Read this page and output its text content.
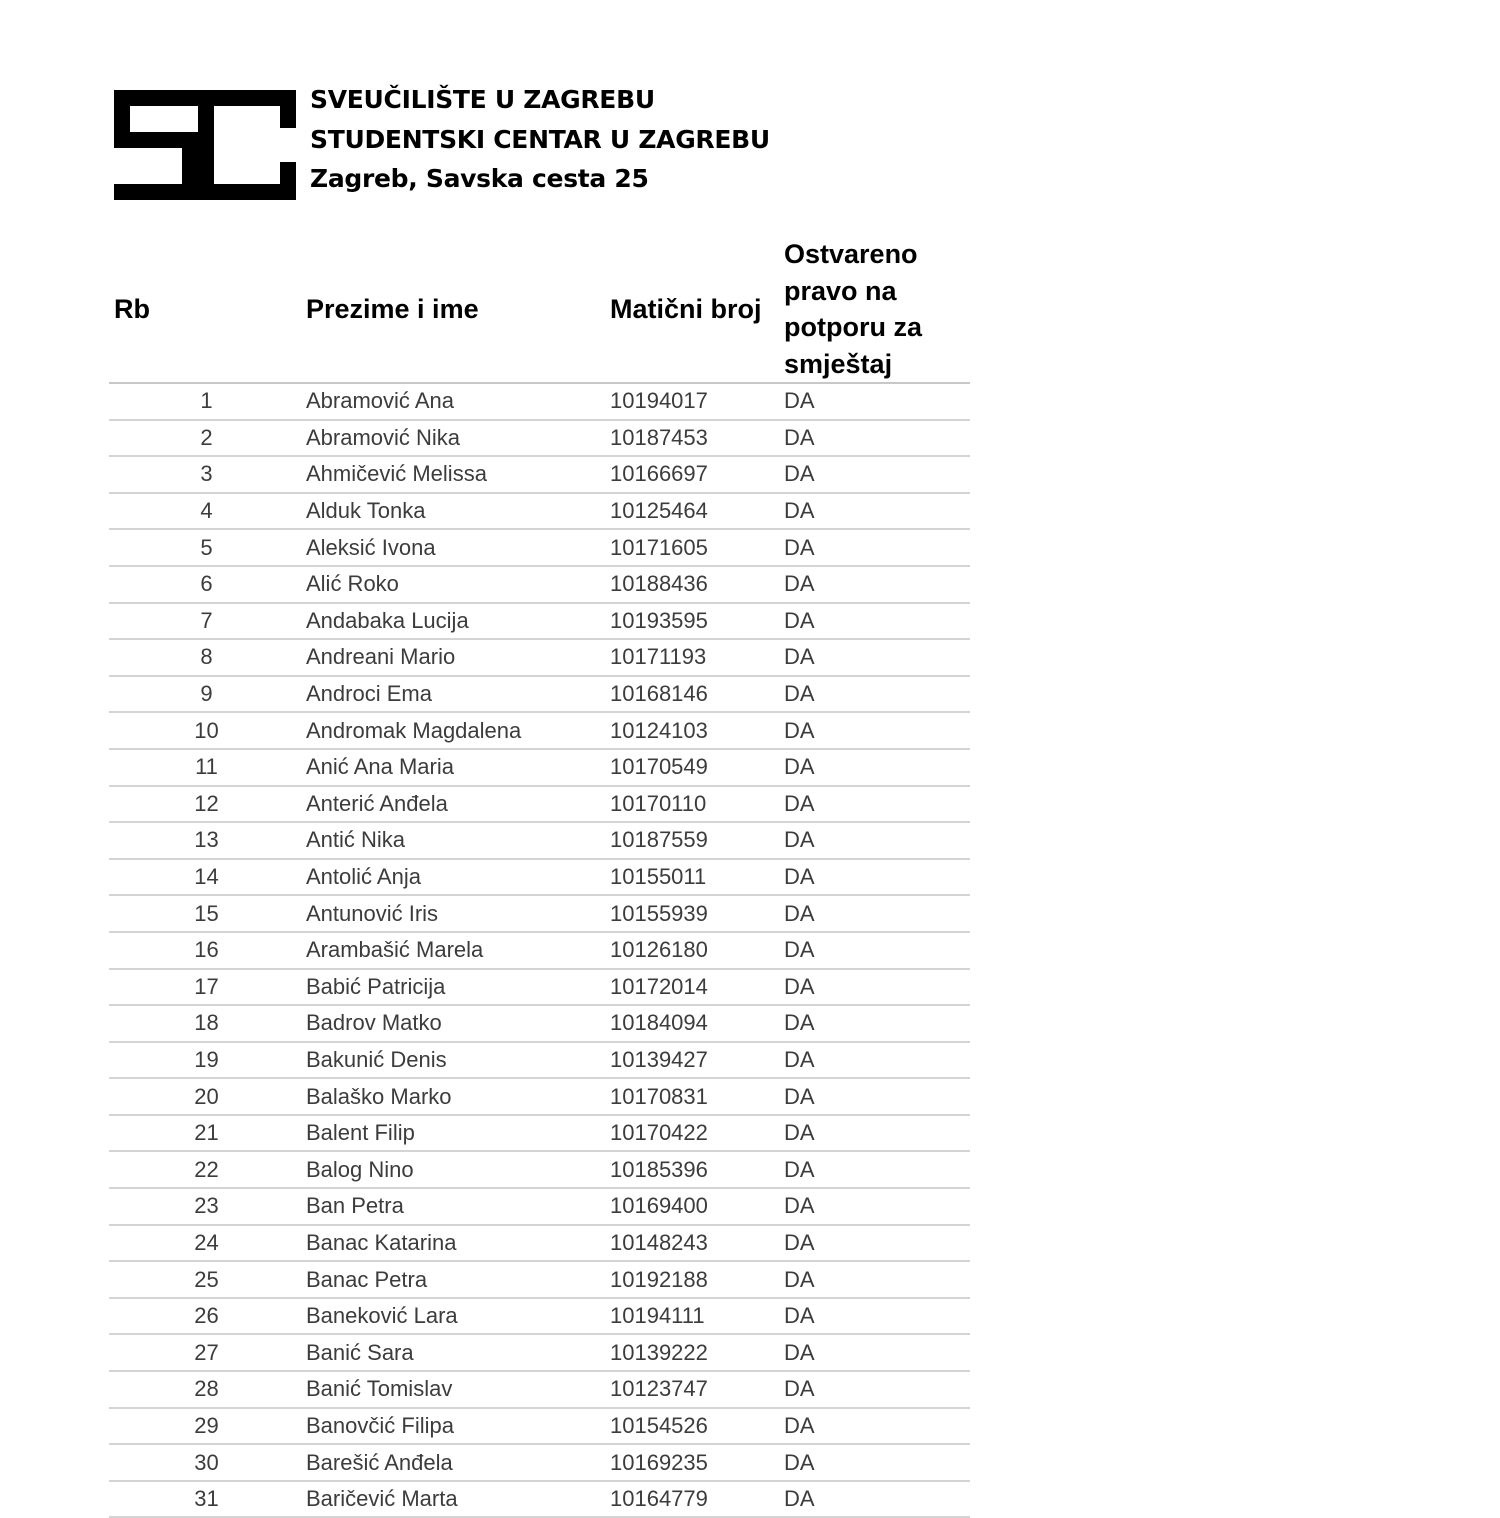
SVEUČILIŠTE U ZAGREBU
STUDENTSKI CENTAR U ZAGREBU
Zagreb, Savska cesta 25
Rb	Prezime i ime	Matični broj	Ostvareno pravo na potporu za smještaj
1	Abramović Ana	10194017	DA
2	Abramović Nika	10187453	DA
3	Ahmičević Melissa	10166697	DA
4	Alduk Tonka	10125464	DA
5	Aleksić Ivona	10171605	DA
6	Alić Roko	10188436	DA
7	Andabaka Lucija	10193595	DA
8	Andreani Mario	10171193	DA
9	Androci Ema	10168146	DA
10	Andromak Magdalena	10124103	DA
11	Anić Ana Maria	10170549	DA
12	Anterić Anđela	10170110	DA
13	Antić Nika	10187559	DA
14	Antolić Anja	10155011	DA
15	Antunović Iris	10155939	DA
16	Arambašić Marela	10126180	DA
17	Babić Patricija	10172014	DA
18	Badrov Matko	10184094	DA
19	Bakunić Denis	10139427	DA
20	Balaško Marko	10170831	DA
21	Balent Filip	10170422	DA
22	Balog Nino	10185396	DA
23	Ban Petra	10169400	DA
24	Banac Katarina	10148243	DA
25	Banac Petra	10192188	DA
26	Baneković Lara	10194111	DA
27	Banić Sara	10139222	DA
28	Banić Tomislav	10123747	DA
29	Banovčić Filipa	10154526	DA
30	Barešić Anđela	10169235	DA
31	Baričević Marta	10164779	DA
